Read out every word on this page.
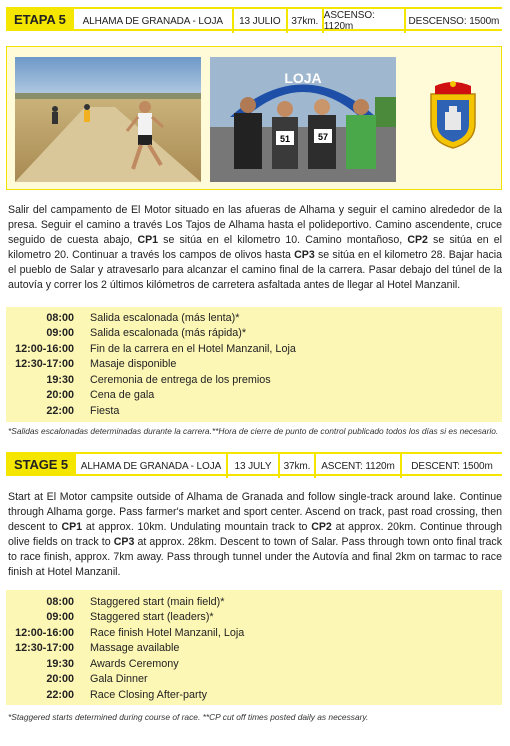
ETAPA 5	ALHAMA DE GRANADA - LOJA	13 JULIO	37km. ASCENSO: 1120m	DESCENSO: 1500m
LOJA
51	57
Salir del campamento de El Motor situado en las afueras de Alhama y seguir el camino alrededor de la presa. Seguir el camino a través Los Tajos de Alhama hasta el polideportivo. Camino ascendente, cruce seguido de cuesta abajo, CP1 se sitúa en el kilometro 10. Camino montañoso, CP2 se sitúa en el kilometro 20. Continuar a través los campos de olivos hasta CP3 se sitúa en el kilometro 28. Bajar hacia el pueblo de Salar y atravesarlo para alcanzar el camino final de la carrera. Pasar debajo del túnel de la autovía y correr los 2 últimos kilómetros de carretera asfaltada antes de llegar al Hotel Manzanil.
08:00	Salida escalonada (más lenta)*
09:00	Salida escalonada (más rápida)*
12:00-16:00	Fin de la carrera en el Hotel Manzanil, Loja
12:30-17:00	Masaje disponible
19:30	Ceremonia de entrega de los premios
20:00	Cena de gala
22:00	Fiesta
*Salidas escalonadas determinadas durante la carrera.**Hora de cierre de punto de control publicado todos los días si es necesario.
STAGE 5	ALHAMA DE GRANADA - LOJA	13 JULY	37km.	ASCENT: 1120m	DESCENT: 1500m
Start at El Motor campsite outside of Alhama de Granada and follow single-track around lake. Continue through Alhama gorge. Pass farmer's market and sport center. Ascend on track, past road crossing, then descent to CP1 at approx. 10km. Undulating mountain track to CP2 at approx. 20km. Continue through olive fields on track to CP3 at approx. 28km. Descent to town of Salar. Pass through town onto final track to race finish, approx. 7km away. Pass through tunnel under the Autovía and final 2km on tarmac to race finish at Hotel Manzanil.
08:00	Staggered start (main field)*
09:00	Staggered start (leaders)*
12:00-16:00	Race finish Hotel Manzanil, Loja
12:30-17:00	Massage available
19:30	Awards Ceremony
20:00	Gala Dinner
22:00	Race Closing After-party
*Staggered starts determined during course of race. **CP cut off times posted daily as necessary.
